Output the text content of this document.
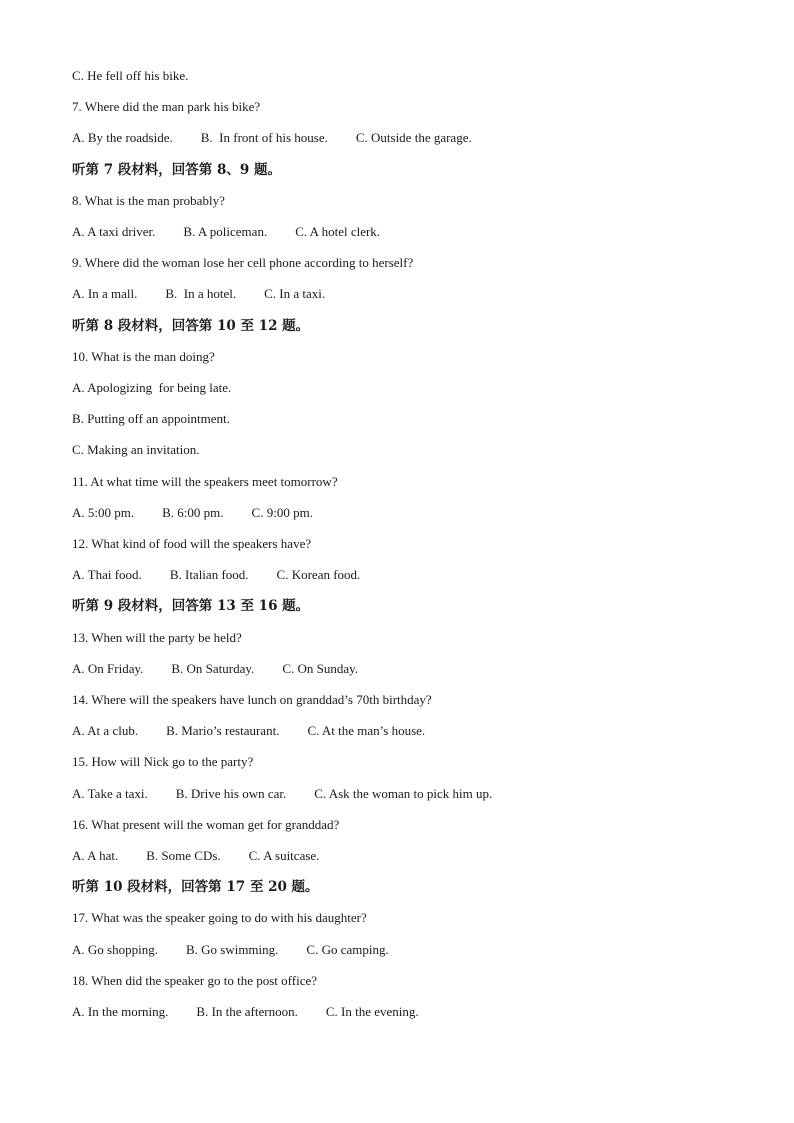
C. He fell off his bike.
7. Where did the man park his bike?
A. By the roadside. B.  In front of his house. C. Outside the garage.
听第 7 段材料，回答第 8、9 题。
8. What is the man probably?
A. A taxi driver. B. A policeman. C. A hotel clerk.
9. Where did the woman lose her cell phone according to herself?
A. In a mall. B.  In a hotel. C. In a taxi.
听第 8 段材料，回答第 10 至 12 题。
10. What is the man doing?
A. Apologizing  for being late.
B. Putting off an appointment.
C. Making an invitation.
11. At what time will the speakers meet tomorrow?
A. 5:00 pm. B. 6:00 pm. C. 9:00 pm.
12. What kind of food will the speakers have?
A. Thai food. B. Italian food. C. Korean food.
听第 9 段材料，回答第 13 至 16 题。
13. When will the party be held?
A. On Friday. B. On Saturday. C. On Sunday.
14. Where will the speakers have lunch on granddad’s 70th birthday?
A. At a club. B. Mario’s restaurant. C. At the man’s house.
15. How will Nick go to the party?
A. Take a taxi. B. Drive his own car. C. Ask the woman to pick him up.
16. What present will the woman get for granddad?
A. A hat. B. Some CDs. C. A suitcase.
听第 10 段材料，回答第 17 至 20 题。
17. What was the speaker going to do with his daughter?
A. Go shopping. B. Go swimming. C. Go camping.
18. When did the speaker go to the post office?
A. In the morning. B. In the afternoon. C. In the evening.
